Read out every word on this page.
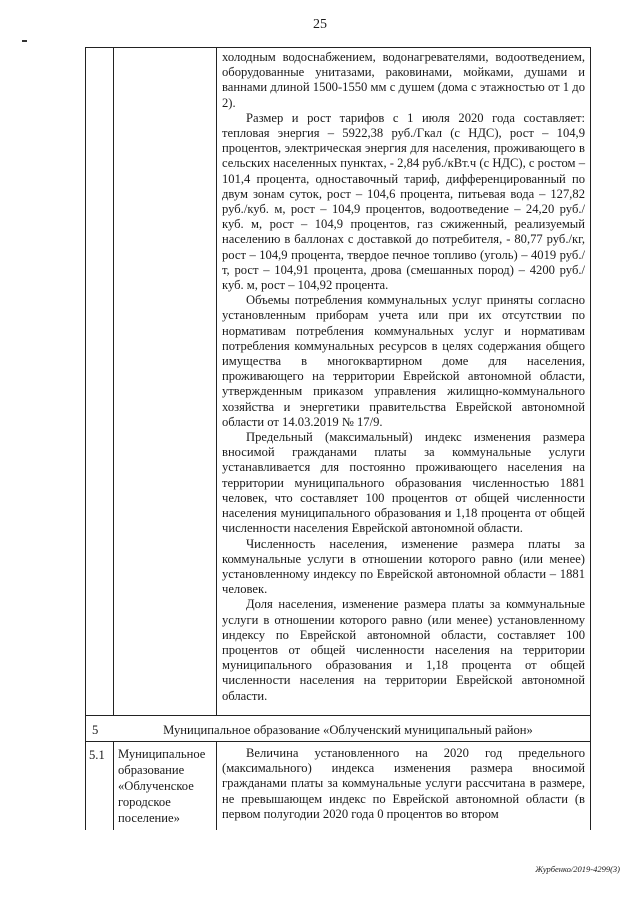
25

холодным водоснабжением, водонагревателями, водоотведением, оборудованные унитазами, раковинами, мойками, душами и ваннами длиной 1500-1550 мм с душем (дома с этажностью от 1 до 2).

Размер и рост тарифов с 1 июля 2020 года составляет: тепловая энергия – 5922,38 руб./Гкал (с НДС), рост – 104,9 процентов, электрическая энергия для населения, проживающего в сельских населенных пунктах, - 2,84 руб./кВт.ч (с НДС), с ростом – 101,4 процента, одноставочный тариф, дифференцированный по двум зонам суток, рост – 104,6 процента, питьевая вода – 127,82 руб./куб. м, рост – 104,9 процентов, водоотведение – 24,20 руб./куб. м, рост – 104,9 процентов, газ сжиженный, реализуемый населению в баллонах с доставкой до потребителя, - 80,77 руб./кг, рост – 104,9 процента, твердое печное топливо (уголь) – 4019 руб./т, рост – 104,91 процента, дрова (смешанных пород) – 4200 руб./куб. м, рост – 104,92 процента.

Объемы потребления коммунальных услуг приняты согласно установленным приборам учета или при их отсутствии по нормативам потребления коммунальных услуг и нормативам потребления коммунальных ресурсов в целях содержания общего имущества в многоквартирном доме для населения, проживающего на территории Еврейской автономной области, утвержденным приказом управления жилищно-коммунального хозяйства и энергетики правительства Еврейской автономной области от 14.03.2019 № 17/9.

Предельный (максимальный) индекс изменения размера вносимой гражданами платы за коммунальные услуги устанавливается для постоянно проживающего населения на территории муниципального образования численностью 1881 человек, что составляет 100 процентов от общей численности населения муниципального образования и 1,18 процента от общей численности населения Еврейской автономной области.

Численность населения, изменение размера платы за коммунальные услуги в отношении которого равно (или менее) установленному индексу по Еврейской автономной области – 1881 человек.

Доля населения, изменение размера платы за коммунальные услуги в отношении которого равно (или менее) установленному индексу по Еврейской автономной области, составляет 100 процентов от общей численности населения на территории муниципального образования и 1,18 процента от общей численности населения на территории Еврейской автономной области.

5	Муниципальное образование «Облученский муниципальный район»
5.1 Муниципальное образование «Облученское городское поселение»

Величина установленного на 2020 год предельного (максимального) индекса изменения размера вносимой гражданами платы за коммунальные услуги рассчитана в размере, не превышающем индекс по Еврейской автономной области (в первом полугодии 2020 года 0 процентов во втором

Журбенко/2019-4299(3)
